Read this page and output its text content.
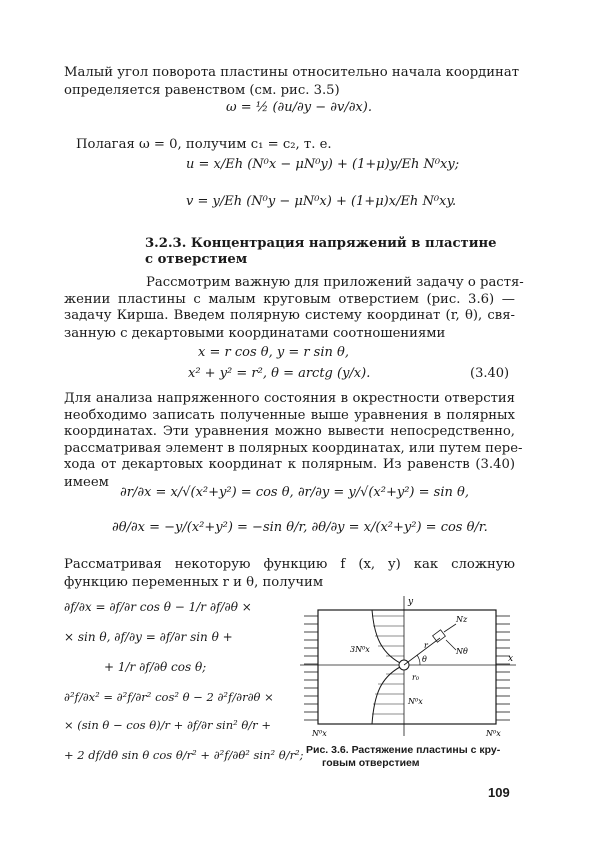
Малый угол поворота пластины относительно начала координат
определяется равенством (см. рис. 3.5)
ω = ½ (∂u/∂y − ∂v/∂x).
Полагая ω = 0, получим c₁ = c₂, т. е.
u = x/Eh (N⁰x − μN⁰y) + (1+μ)y/Eh N⁰xy;
v = y/Eh (N⁰y − μN⁰x) + (1+μ)x/Eh N⁰xy.
3.2.3. Концентрация напряжений в пластине
с отверстием
Рассмотрим важную для приложений задачу о растя-
жении пластины с малым круговым отверстием (рис. 3.6) —
задачу Кирша. Введем полярную систему координат (r, θ), свя-
занную с декартовыми координатами соотношениями
x = r cos θ, y = r sin θ,
x² + y² = r², θ = arctg (y/x).	(3.40)
Для анализа напряженного состояния в окрестности отверстия
необходимо записать полученные выше уравнения в полярных
координатах. Эти уравнения можно вывести непосредственно,
рассматривая элемент в полярных координатах, или путем пере-
хода от декартовых координат к полярным. Из равенств (3.40)
имеем
∂r/∂x = x/√(x²+y²) = cos θ, ∂r/∂y = y/√(x²+y²) = sin θ,
∂θ/∂x = −y/(x²+y²) = −sin θ/r, ∂θ/∂y = x/(x²+y²) = cos θ/r.
Рассматривая некоторую функцию f (x, y) как сложную
функцию переменных r и θ, получим
∂f/∂x = ∂f/∂r cos θ − 1/r ∂f/∂θ ×
× sin θ, ∂f/∂y = ∂f/∂r sin θ +
+ 1/r ∂f/∂θ cos θ;
∂²f/∂x² = ∂²f/∂r² cos² θ − 2 ∂²f/∂r∂θ ×
× (sin θ − cos θ)/r + ∂f/∂r sin² θ/r +
+ 2 df/dθ sin θ cos θ/r² + ∂²f/∂θ² sin² θ/r²;
y
x
Nz
Nθ
r
θ
r₀
3N⁰x
N⁰x
N⁰x	N⁰x
Рис. 3.6. Растяжение пластины с кру-
говым отверстием
109
